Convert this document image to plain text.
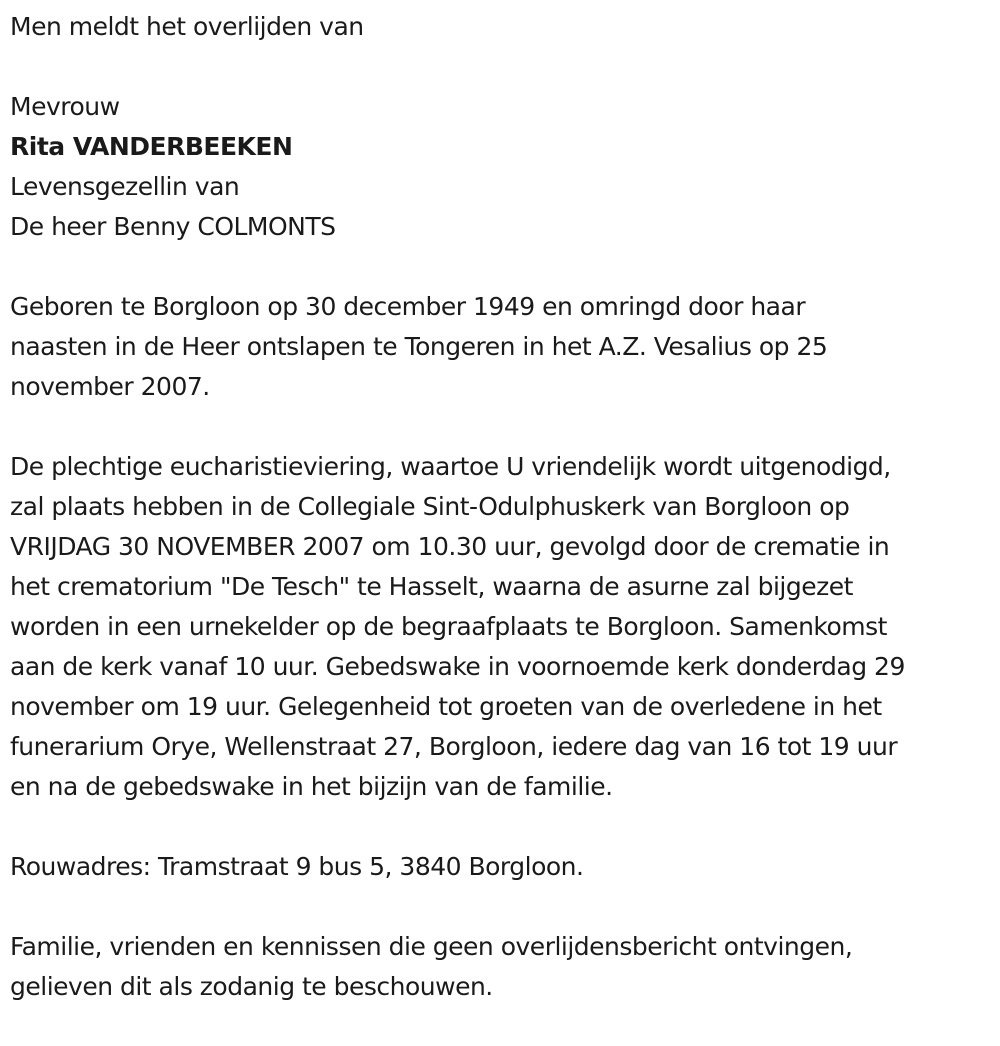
Men meldt het overlijden van

Mevrouw

Rita VANDERBEEKEN

Levensgezellin van

De heer Benny COLMONTS

Geboren te Borgloon op 30 december 1949 en omringd door haar
naasten in de Heer ontslapen te Tongeren in het A.Z. Vesalius op 25
november 2007.
De plechtige eucharistieviering, waartoe U vriendelijk wordt uitgenodigd,
zal plaats hebben in de Collegiale Sint-Odulphuskerk van Borgloon op
VRIJDAG 30 NOVEMBER 2007 om 10.30 uur, gevolgd door de crematie in
het crematorium "De Tesch" te Hasselt, waarna de asurne zal bijgezet
worden in een urnekelder op de begraafplaats te Borgloon. Samenkomst
aan de kerk vanaf 10 uur. Gebedswake in voornoemde kerk donderdag 29
november om 19 uur. Gelegenheid tot groeten van de overledene in het
funerarium Orye, Wellenstraat 27, Borgloon, iedere dag van 16 tot 19 uur
en na de gebedswake in het bijzijn van de familie.

Rouwadres: Tramstraat 9 bus 5, 3840 Borgloon.

Familie, vrienden en kennissen die geen overlijdensbericht ontvingen,
gelieven dit als zodanig te beschouwen.
